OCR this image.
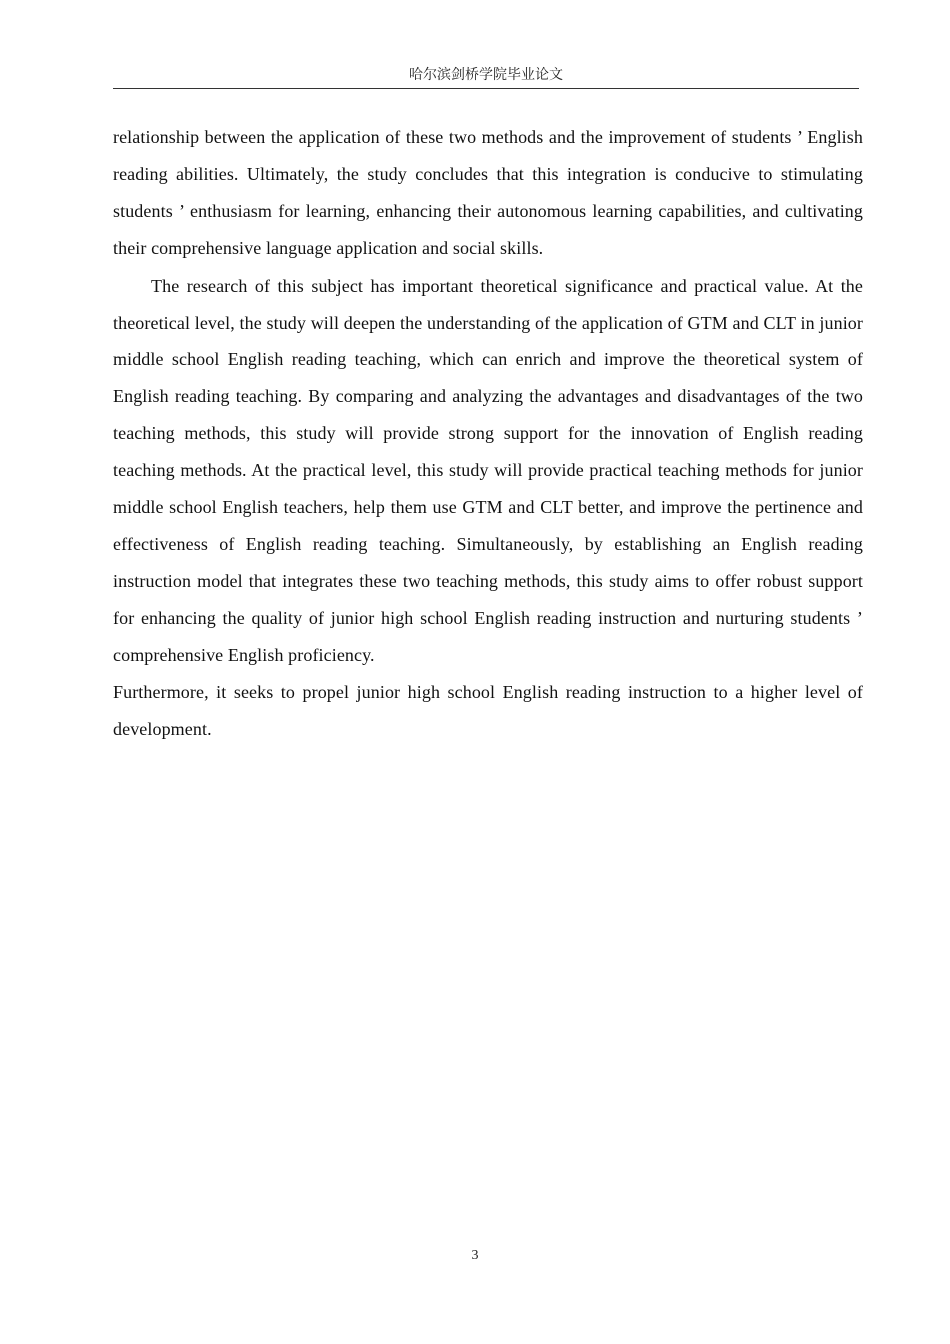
哈尔滨剑桥学院毕业论文

relationship between the application of these two methods and the improvement of students ’ English reading abilities. Ultimately, the study concludes that this integration is conducive to stimulating students ’ enthusiasm for learning, enhancing their autonomous learning capabilities, and cultivating their comprehensive language application and social skills.

The research of this subject has important theoretical significance and practical value. At the theoretical level, the study will deepen the understanding of the application of GTM and CLT in junior middle school English reading teaching, which can enrich and improve the theoretical system of English reading teaching. By comparing and analyzing the advantages and disadvantages of the two teaching methods, this study will provide strong support for the innovation of English reading teaching methods. At the practical level, this study will provide practical teaching methods for junior middle school English teachers, help them use GTM and CLT better, and improve the pertinence and effectiveness of English reading teaching. Simultaneously, by establishing an English reading instruction model that integrates these two teaching methods, this study aims to offer robust support for enhancing the quality of junior high school English reading instruction and nurturing students ’ comprehensive English proficiency.

Furthermore, it seeks to propel junior high school English reading instruction to a higher level of development.

3
